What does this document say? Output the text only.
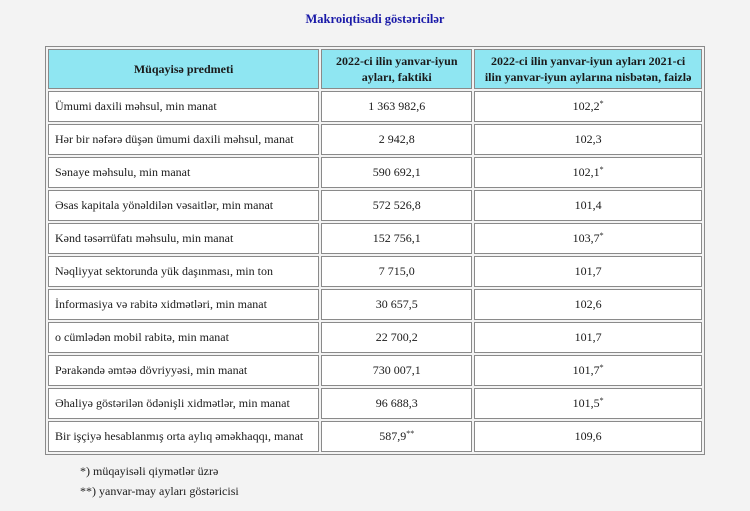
Makroiqtisadi göstəricilər
Müqayisə predmeti	2022-ci ilin yanvar-iyun ayları, faktiki	2022-ci ilin yanvar-iyun ayları 2021-ci ilin yanvar-iyun aylarına nisbətən, faizlə
Ümumi daxili məhsul, min manat	1 363 982,6	102,2*
Hər bir nəfərə düşən ümumi daxili məhsul, manat	2 942,8	102,3
Sənaye məhsulu, min manat	590 692,1	102,1*
Əsas kapitala yönəldilən vəsaitlər, min manat	572 526,8	101,4
Kənd təsərrüfatı məhsulu, min manat	152 756,1	103,7*
Nəqliyyat sektorunda yük daşınması, min ton	7 715,0	101,7
İnformasiya və rabitə xidmətləri, min manat	30 657,5	102,6
o cümlədən mobil rabitə, min manat	22 700,2	101,7
Pərakəndə əmtəə dövriyyəsi, min manat	730 007,1	101,7*
Əhaliyə göstərilən ödənişli xidmətlər, min manat	96 688,3	101,5*
Bir işçiyə hesablanmış orta aylıq əməkhaqqı, manat	587,9**	109,6
*) müqayisəli qiymətlər üzrə
**) yanvar-may ayları göstəricisi
